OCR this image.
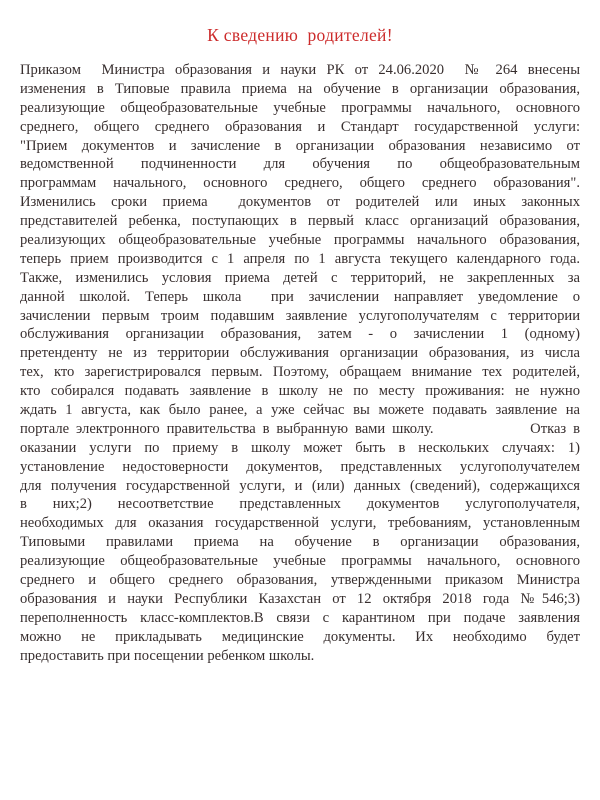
К сведению  родителей!
Приказом  Министра образования и науки РК от 24.06.2020  № 264 внесены
изменения в Типовые правила приема на обучение в организации образования,
реализующие общеобразовательные учебные программы начального, основного
среднего, общего среднего образования и Стандарт государственной услуги:
"Прием документов и зачисление в организации образования независимо от
ведомственной подчиненности для обучения по общеобразовательным
программам начального, основного среднего, общего среднего образования".
Изменились сроки приема  документов от родителей или иных законных
представителей ребенка, поступающих в первый класс организаций образования,
реализующих общеобразовательные учебные программы начального образования,
теперь прием производится с 1 апреля по 1 августа текущего календарного года.
Также, изменились условия приема детей с территорий, не закрепленных за
данной школой. Теперь школа  при зачислении направляет уведомление о
зачислении первым троим подавшим заявление услугополучателям с территории
обслуживания организации образования, затем - о зачислении 1 (одному)
претенденту не из территории обслуживания организации образования, из числа
тех, кто зарегистрировался первым. Поэтому, обращаем внимание тех родителей,
кто собирался подавать заявление в школу не по месту проживания: не нужно
ждать 1 августа, как было ранее, а уже сейчас вы можете подавать заявление на
портале электронного правительства в выбранную вами школу.              Отказ в
оказании услуги по приему в школу может быть в нескольких случаях: 1)
установление недостоверности документов, представленных услугополучателем
для получения государственной услуги, и (или) данных (сведений), содержащихся
в них;2) несоответствие представленных документов услугополучателя,
необходимых для оказания государственной услуги, требованиям, установленным
Типовыми правилами приема на обучение в организации образования,
реализующие общеобразовательные учебные программы начального, основного
среднего и общего среднего образования, утвержденными приказом Министра
образования и науки Республики Казахстан от 12 октября 2018 года №546;3)
переполненность класс-комплектов.В связи с карантином при подаче заявления
можно не прикладывать медицинские документы. Их необходимо будет
предоставить при посещении ребенком школы.
